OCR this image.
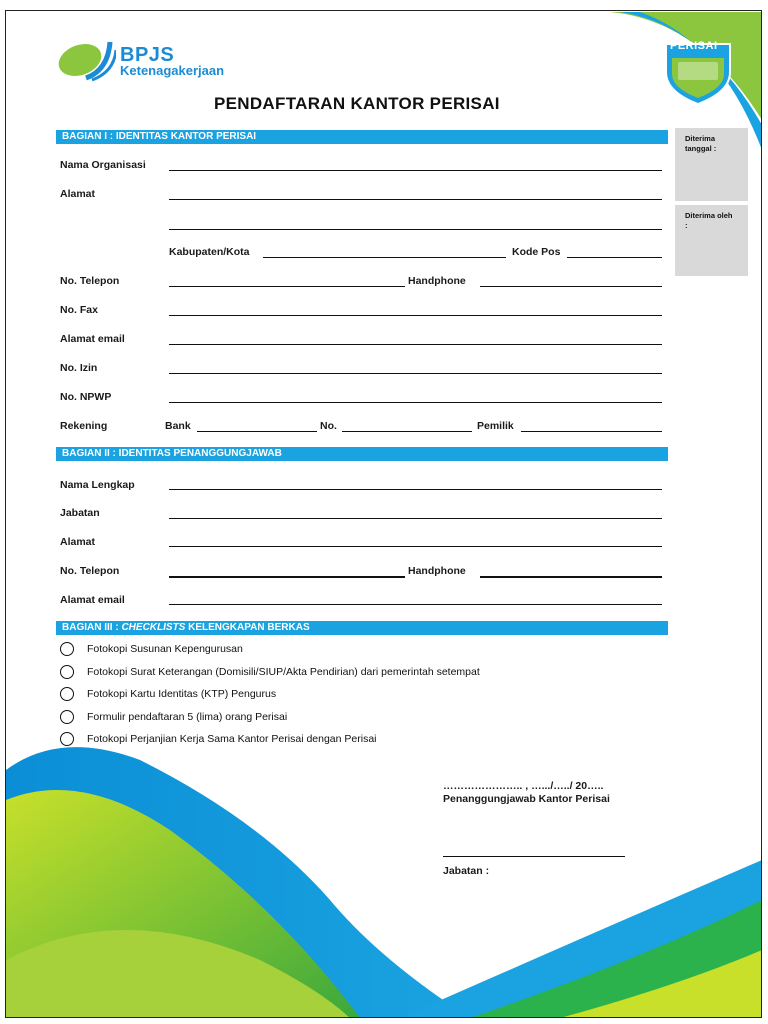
BPJS
Ketenagakerjaan
PERISAI
PENDAFTARAN KANTOR PERISAI
Diterima tanggal :
Diterima oleh :
BAGIAN I : IDENTITAS KANTOR PERISAI
Nama Organisasi
Alamat
Kabupaten/Kota	Kode Pos
No. Telepon	Handphone
No. Fax
Alamat email
No. Izin
No. NPWP
Rekening	Bank	No.	Pemilik
BAGIAN II : IDENTITAS PENANGGUNGJAWAB
Nama Lengkap
Jabatan
Alamat
No. Telepon	Handphone
Alamat email
BAGIAN III : CHECKLISTS KELENGKAPAN BERKAS
Fotokopi Susunan Kepengurusan
Fotokopi Surat Keterangan (Domisili/SIUP/Akta Pendirian) dari pemerintah setempat
Fotokopi Kartu Identitas (KTP) Pengurus
Formulir pendaftaran 5 (lima) orang Perisai
Fotokopi Perjanjian Kerja Sama Kantor Perisai dengan Perisai
………………….. , ….../…../ 20…..
Penanggungjawab Kantor Perisai
Jabatan :
